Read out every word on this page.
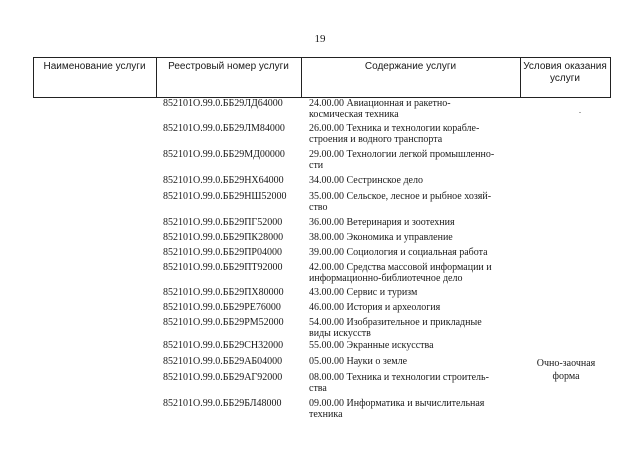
19
Наименование услуги	Реестровый номер услуги	Содержание услуги	Условия оказания
услуги
.
852101О.99.0.ББ29ЛД64000	24.00.00 Авиационная и ракетно-
космическая техника
852101О.99.0.ББ29ЛМ84000	26.00.00 Техника и технологии корабле-
строения и водного транспорта
852101О.99.0.ББ29МД00000	29.00.00 Технологии легкой промышленно-
сти
852101О.99.0.ББ29НХ64000	34.00.00 Сестринское дело
852101О.99.0.ББ29НШ52000	35.00.00 Сельское, лесное и рыбное хозяй-
ство
852101О.99.0.ББ29ПГ52000	36.00.00 Ветеринария и зоотехния
852101О.99.0.ББ29ПК28000	38.00.00 Экономика и управление
852101О.99.0.ББ29ПР04000	39.00.00 Социология и социальная работа
852101О.99.0.ББ29ПТ92000	42.00.00 Средства массовой информации и
информационно-библиотечное дело
852101О.99.0.ББ29ПХ80000	43.00.00 Сервис и туризм
852101О.99.0.ББ29РЕ76000	46.00.00 История и археология
852101О.99.0.ББ29РМ52000	54.00.00 Изобразительное и прикладные
виды искусств
852101О.99.0.ББ29СН32000	55.00.00 Экранные искусства
852101О.99.0.ББ29АБ04000	05.00.00 Науки о земле
852101О.99.0.ББ29АГ92000	08.00.00 Техника и технологии строитель-
ства
852101О.99.0.ББ29БЛ48000	09.00.00 Информатика и вычислительная
техника
Очно-заочная
форма
